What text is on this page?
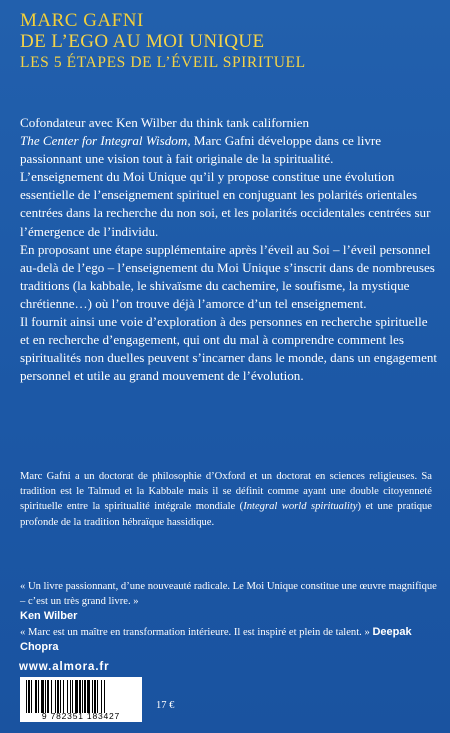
MARC GAFNI
DE L’EGO AU MOI UNIQUE
LES 5 ÉTAPES DE L’ÉVEIL SPIRITUEL

Cofondateur avec Ken Wilber du think tank californien
The Center for Integral Wisdom, Marc Gafni développe dans ce livre passionnant une vision tout à fait originale de la spiritualité.

L’enseignement du Moi Unique qu’il y propose constitue une évolution essentielle de l’enseignement spirituel en conjuguant les polarités orientales centrées dans la recherche du non soi, et les polarités occidentales centrées sur l’émergence de l’individu.

En proposant une étape supplémentaire après l’éveil au Soi – l’éveil personnel au-delà de l’ego – l’enseignement du Moi Unique s’inscrit dans de nombreuses traditions (la kabbale, le shivaïsme du cachemire, le soufisme, la mystique chrétienne…) où l’on trouve déjà l’amorce d’un tel enseignement.

Il fournit ainsi une voie d’exploration à des personnes en recherche spirituelle et en recherche d’engagement, qui ont du mal à comprendre comment les spiritualités non duelles peuvent s’incarner dans le monde, dans un engagement personnel et utile au grand mouvement de l’évolution.

Marc Gafni a un doctorat de philosophie d’Oxford et un doctorat en sciences religieuses. Sa tradition est le Talmud et la Kabbale mais il se définit comme ayant une double citoyenneté spirituelle entre la spiritualité intégrale mondiale (Integral world spirituality) et une pratique profonde de la tradition hébraïque hassidique.

« Un livre passionnant, d’une nouveauté radicale. Le Moi Unique constitue une œuvre magnifique – c’est un très grand livre. »
Ken Wilber

« Marc est un maître en transformation intérieure. Il est inspiré et plein de talent. » Deepak Chopra

www.almora.fr
9 782351 183427
17 €
